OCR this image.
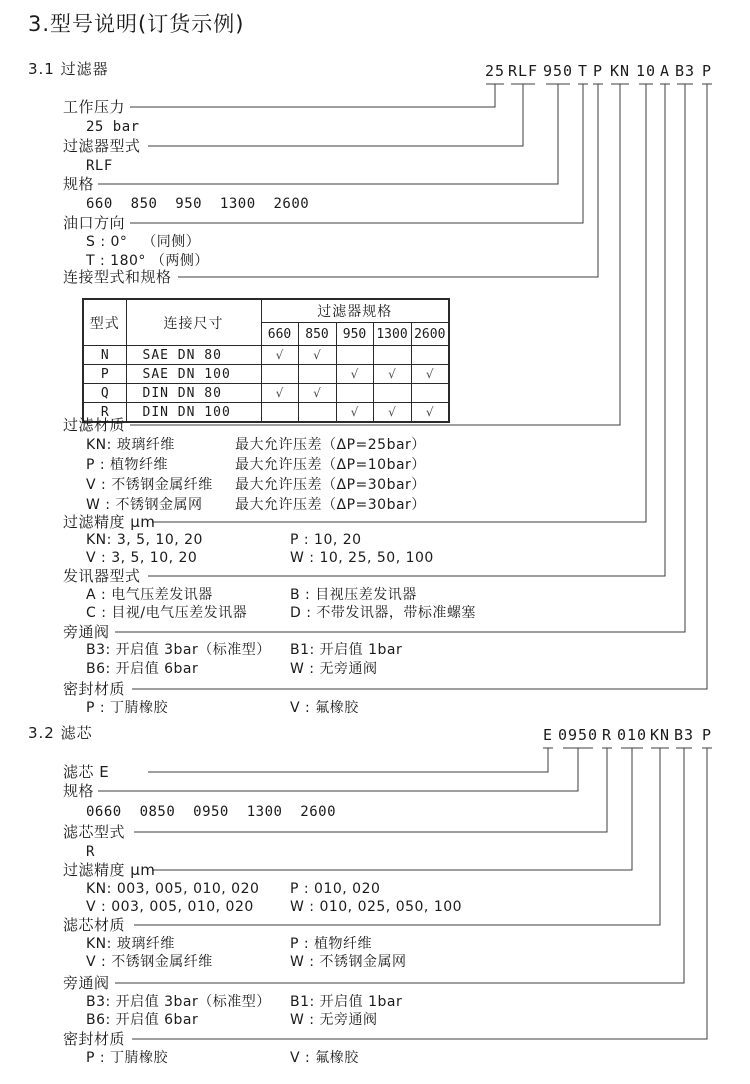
3.型号说明(订货示例)
3.1 过滤器
3.2 滤芯
25 RLF 950 T P KN 10 A B3 P
工作压力
25 bar
过滤器型式
RLF
规格
660  850  950  1300  2600
油口方向
S : 0°   （同侧）
T : 180° （两侧）
连接型式和规格
型式	连接尺寸	过滤器规格				
		660	850	950	1300	2600
N	SAE DN 80	√	√			
P	SAE DN 100			√	√	√
Q	DIN DN 80	√	√			
R	DIN DN 100			√	√	√
过滤材质
KN: 玻璃纤维	最大允许压差（ΔP=25bar）
P : 植物纤维	最大允许压差（ΔP=10bar）
V : 不锈钢金属纤维 最大允许压差（ΔP=30bar）
W : 不锈钢金属网 最大允许压差（ΔP=30bar）
过滤精度 μm
KN: 3, 5, 10, 20	P : 10, 20
V : 3, 5, 10, 20	W : 10, 25, 50, 100
发讯器型式
A : 电气压差发讯器	B : 目视压差发讯器
C : 目视/电气压差发讯器	D : 不带发讯器，带标准螺塞
旁通阀
B3: 开启值 3bar（标准型） B1: 开启值 1bar
B6: 开启值 6bar	W : 无旁通阀
密封材质
P : 丁腈橡胶	V : 氟橡胶
E 0950 R 010 KN B3 P
滤芯 E
规格
0660  0850  0950  1300  2600
滤芯型式
R
过滤精度 μm
KN: 003, 005, 010, 020 P : 010, 020
V : 003, 005, 010, 020	W : 010, 025, 050, 100
滤芯材质
KN: 玻璃纤维	P : 植物纤维
V : 不锈钢金属纤维	W : 不锈钢金属网
旁通阀
B3: 开启值 3bar（标准型） B1: 开启值 1bar
B6: 开启值 6bar	W : 无旁通阀
密封材质
P : 丁腈橡胶	V : 氟橡胶
